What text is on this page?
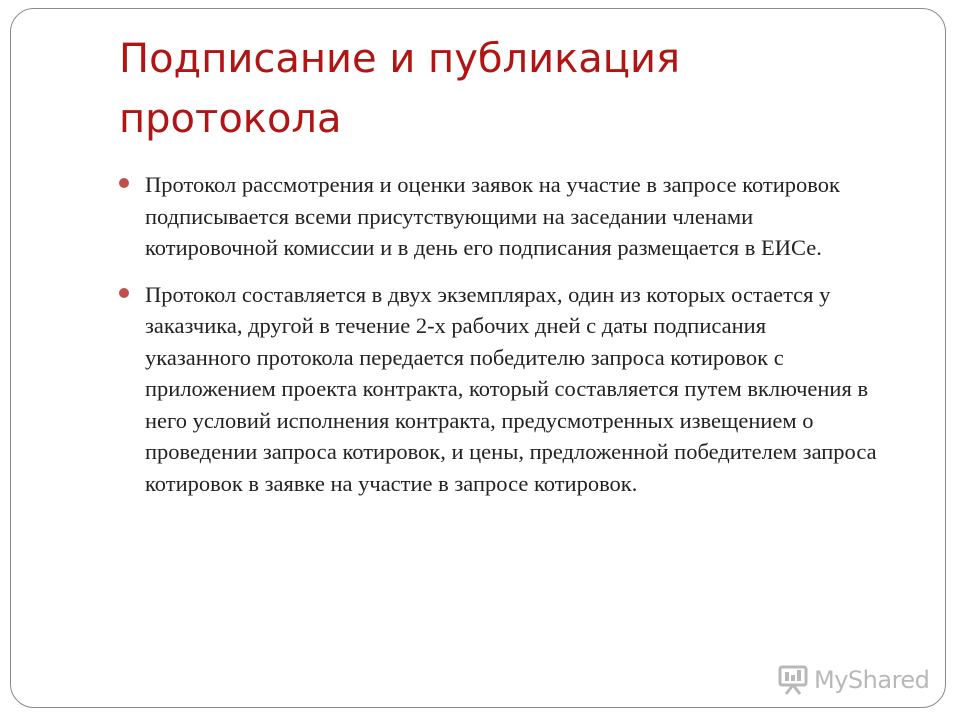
Подписание и публикация
протокола
Протокол рассмотрения и оценки заявок на участие в запросе котировок подписывается всеми присутствующими на заседании членами котировочной комиссии и в день его подписания размещается в ЕИСе.
Протокол составляется в двух экземплярах, один из которых остается у заказчика, другой в течение 2-х рабочих дней с даты подписания указанного протокола передается победителю запроса котировок с приложением проекта контракта, который составляется путем включения в него условий исполнения контракта, предусмотренных извещением о проведении запроса котировок, и цены, предложенной победителем запроса котировок в заявке на участие в запросе котировок.
MyShared
